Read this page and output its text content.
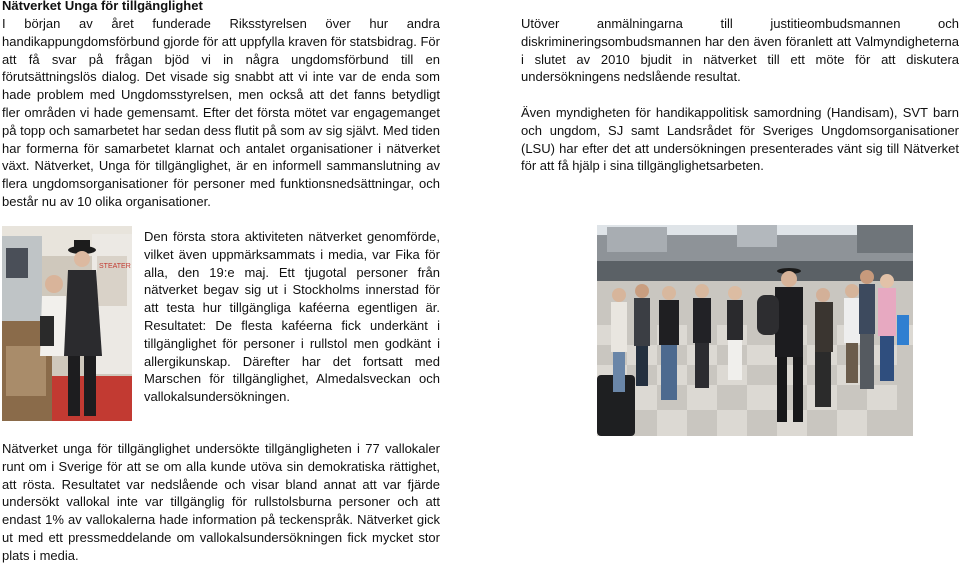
Nätverket Unga för tillgänglighet
I början av året funderade Riksstyrelsen över hur andra handikappungdomsförbund gjorde för att uppfylla kraven för statsbidrag. För att få svar på frågan bjöd vi in några ungdomsförbund till en förutsättningslös dialog. Det visade sig snabbt att vi inte var de enda som hade problem med Ungdomsstyrelsen, men också att det fanns betydligt fler områden vi hade gemensamt. Efter det första mötet var engagemanget på topp och samarbetet har sedan dess flutit på som av sig självt. Med tiden har formerna för samarbetet klarnat och antalet organisationer i nätverket växt. Nätverket, Unga för tillgänglighet, är en informell sammanslutning av flera ungdomsorganisationer för personer med funktionsnedsättningar, och består nu av 10 olika organisationer.

Utöver anmälningarna till justitieombudsmannen och diskrimineringsombudsmannen har den även föranlett att Valmyndigheterna i slutet av 2010 bjudit in nätverket till ett möte för att diskutera undersökningens nedslående resultat.

Även myndigheten för handikappolitisk samordning (Handisam), SVT barn och ungdom, SJ samt Landsrådet för Sveriges Ungdomsorganisationer (LSU) har efter det att undersökningen presenterades vänt sig till Nätverket för att få hjälp i sina tillgänglighetsarbeten.

STEATER
Den första stora aktiviteten nätverket genomförde, vilket även uppmärksammats i media, var Fika för alla, den 19:e maj. Ett tjugotal personer från nätverket begav sig ut i Stockholms innerstad för att testa hur tillgängliga kaféerna egentligen är. Resultatet: De flesta kaféerna fick underkänt i tillgänglighet för personer i rullstol men godkänt i allergikunskap. Därefter har det fortsatt med Marschen för tillgänglighet, Almedalsveckan och vallokalsundersökningen.
Nätverket unga för tillgänglighet undersökte tillgängligheten i 77 vallokaler runt om i Sverige för att se om alla kunde utöva sin demokratiska rättighet, att rösta. Resultatet var nedslående och visar bland annat att var fjärde undersökt vallokal inte var tillgänglig för rullstolsburna personer och att endast 1% av vallokalerna hade information på teckenspråk. Nätverket gick ut med ett pressmeddelande om vallokalsundersökningen fick mycket stor plats i media.
